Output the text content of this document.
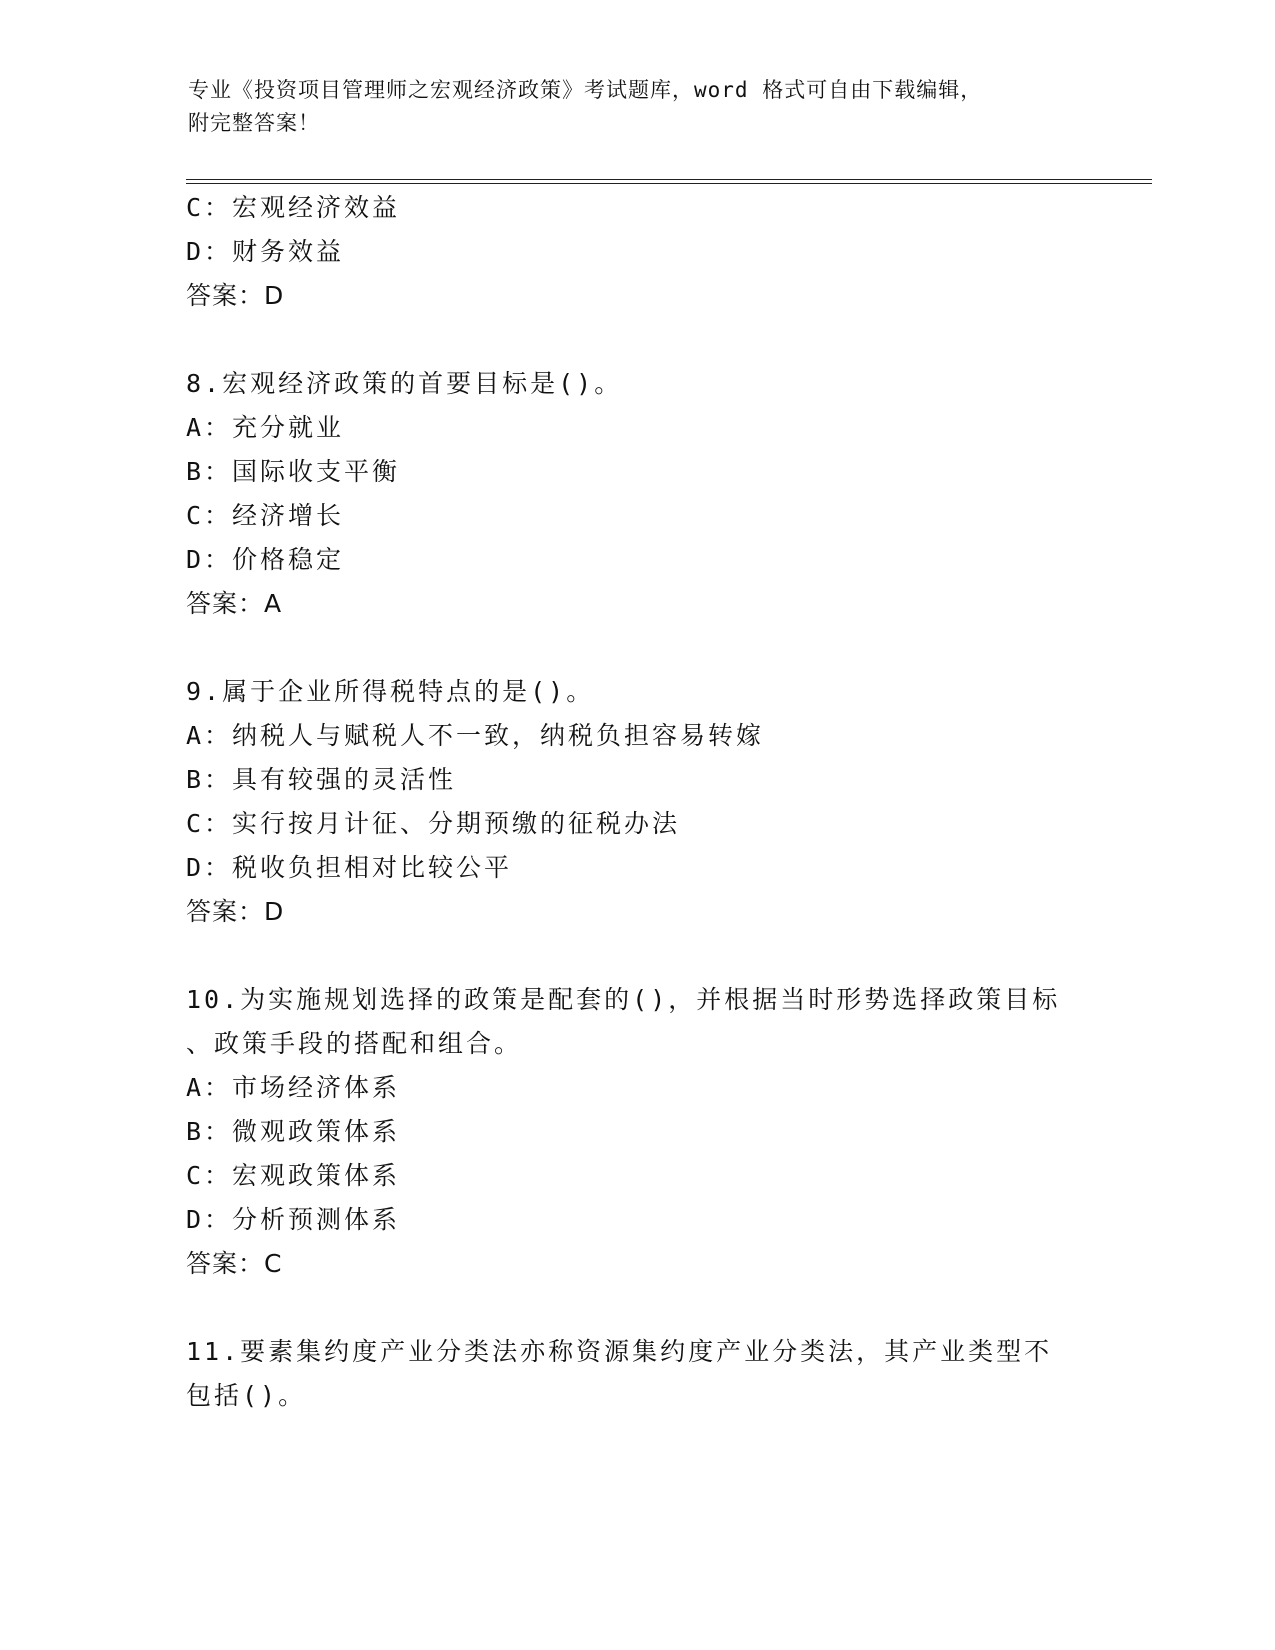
专业《投资项目管理师之宏观经济政策》考试题库，word 格式可自由下载编辑，
附完整答案！
C：宏观经济效益
D：财务效益
答案：D
8.宏观经济政策的首要目标是()。
A：充分就业
B：国际收支平衡
C：经济增长
D：价格稳定
答案：A
9.属于企业所得税特点的是()。
A：纳税人与赋税人不一致，纳税负担容易转嫁
B：具有较强的灵活性
C：实行按月计征、分期预缴的征税办法
D：税收负担相对比较公平
答案：D
10.为实施规划选择的政策是配套的()，并根据当时形势选择政策目标
、政策手段的搭配和组合。
A：市场经济体系
B：微观政策体系
C：宏观政策体系
D：分析预测体系
答案：C
11.要素集约度产业分类法亦称资源集约度产业分类法，其产业类型不
包括()。
